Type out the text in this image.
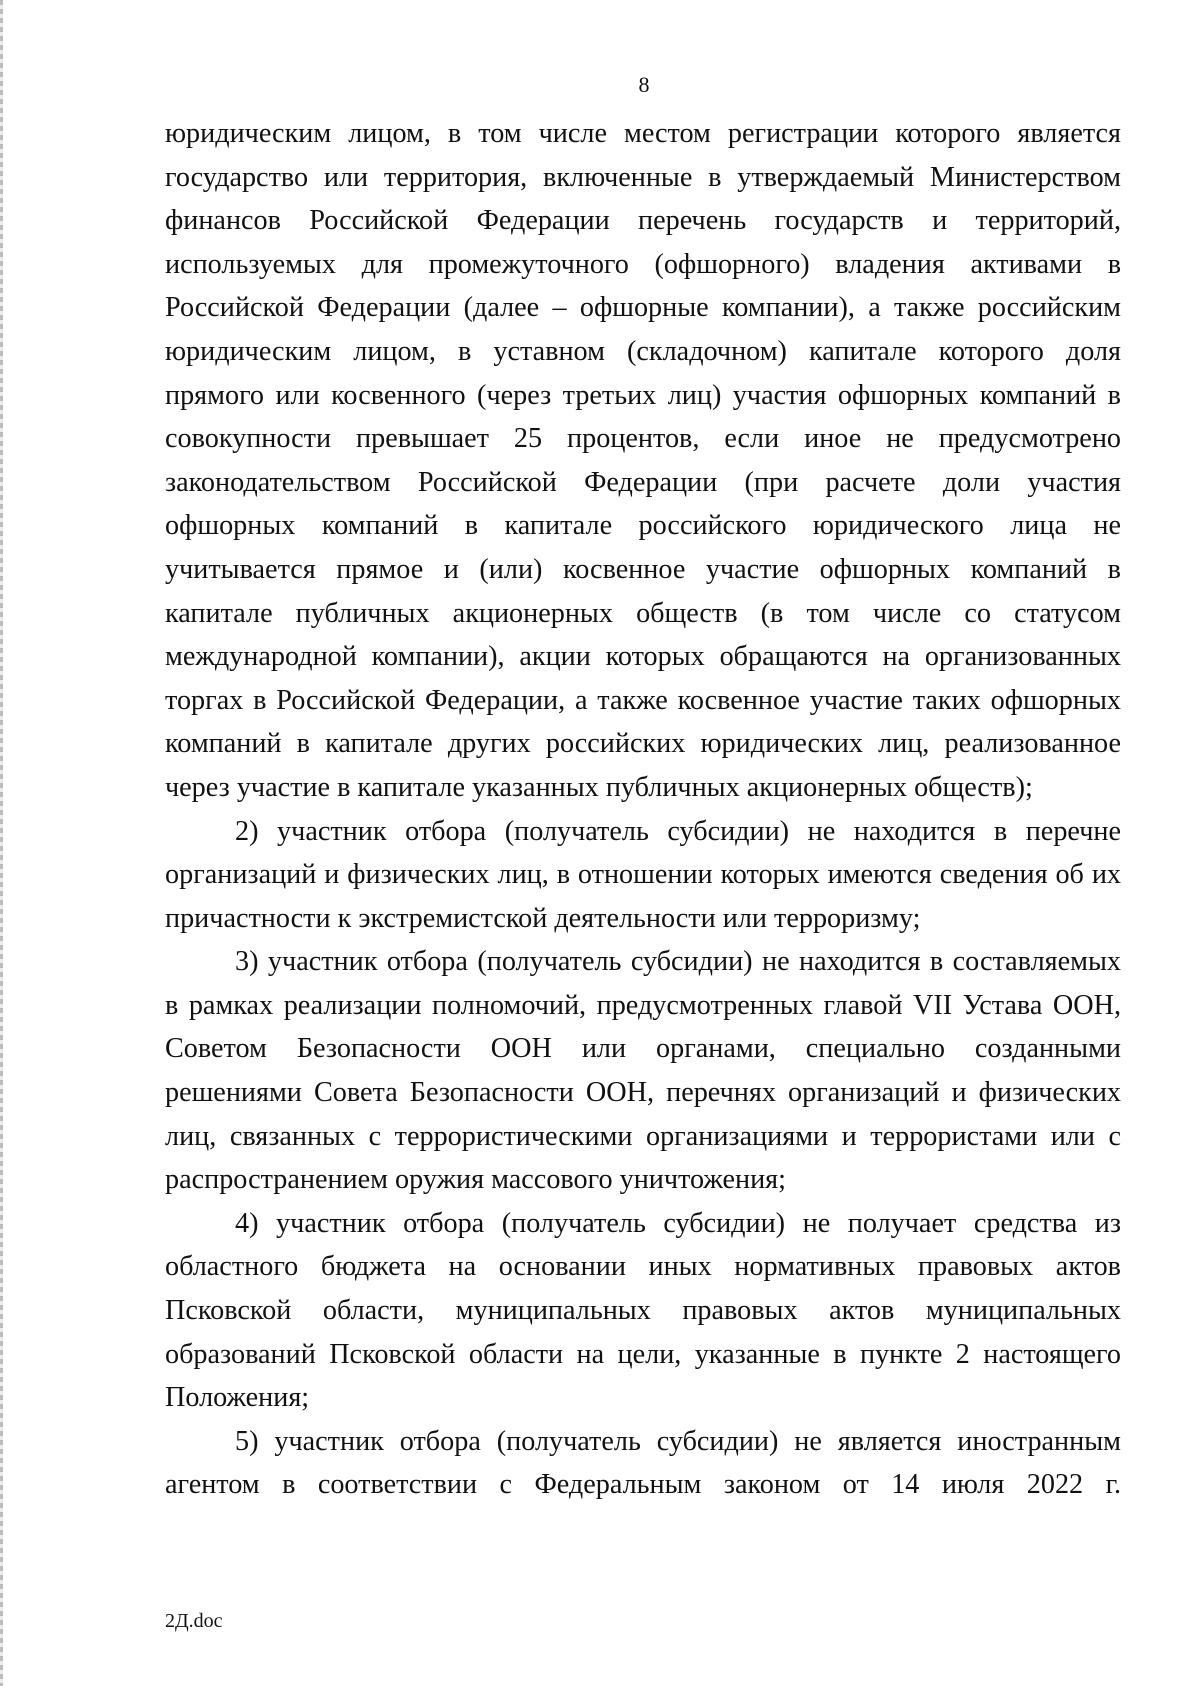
8

юридическим лицом, в том числе местом регистрации которого является государство или территория, включенные в утверждаемый Министерством финансов Российской Федерации перечень государств и территорий, используемых для промежуточного (офшорного) владения активами в Российской Федерации (далее – офшорные компании), а также российским юридическим лицом, в уставном (складочном) капитале которого доля прямого или косвенного (через третьих лиц) участия офшорных компаний в совокупности превышает 25 процентов, если иное не предусмотрено законодательством Российской Федерации (при расчете доли участия офшорных компаний в капитале российского юридического лица не учитывается прямое и (или) косвенное участие офшорных компаний в капитале публичных акционерных обществ (в том числе со статусом международной компании), акции которых обращаются на организованных торгах в Российской Федерации, а также косвенное участие таких офшорных компаний в капитале других российских юридических лиц, реализованное через участие в капитале указанных публичных акционерных обществ);

2) участник отбора (получатель субсидии) не находится в перечне организаций и физических лиц, в отношении которых имеются сведения об их причастности к экстремистской деятельности или терроризму;

3) участник отбора (получатель субсидии) не находится в составляемых в рамках реализации полномочий, предусмотренных главой VII Устава ООН, Советом Безопасности ООН или органами, специально созданными решениями Совета Безопасности ООН, перечнях организаций и физических лиц, связанных с террористическими организациями и террористами или с распространением оружия массового уничтожения;

4) участник отбора (получатель субсидии) не получает средства из областного бюджета на основании иных нормативных правовых актов Псковской области, муниципальных правовых актов муниципальных образований Псковской области на цели, указанные в пункте 2 настоящего Положения;

5) участник отбора (получатель субсидии) не является иностранным агентом в соответствии с Федеральным законом от 14 июля 2022 г.

2Д.doc
